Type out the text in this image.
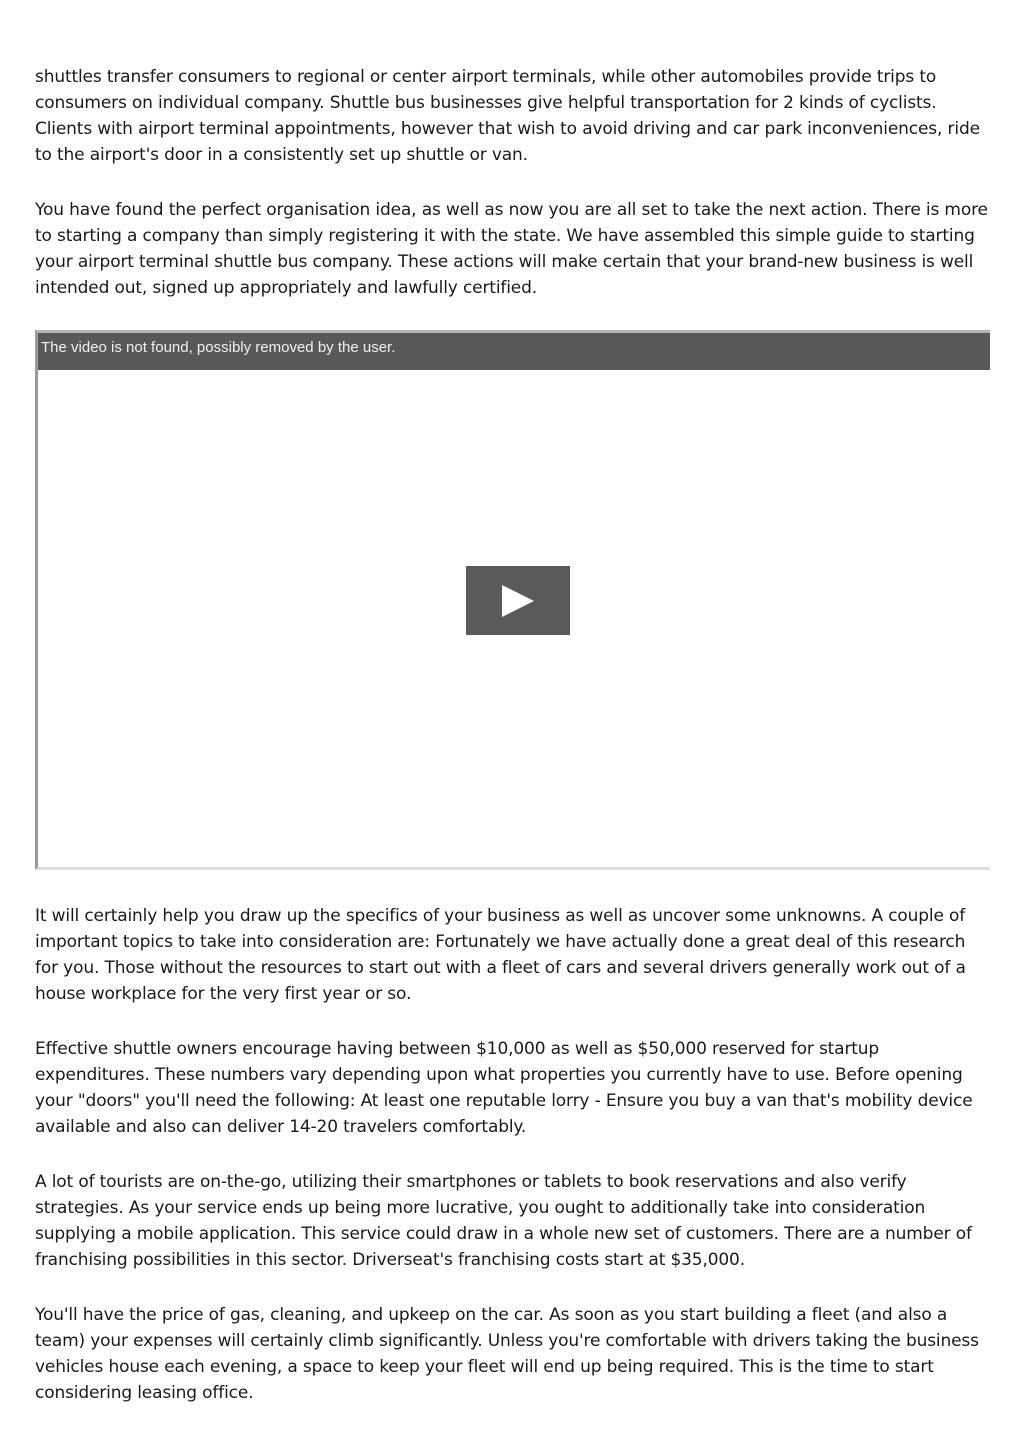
shuttles transfer consumers to regional or center airport terminals, while other automobiles provide trips to consumers on individual company. Shuttle bus businesses give helpful transportation for 2 kinds of cyclists. Clients with airport terminal appointments, however that wish to avoid driving and car park inconveniences, ride to the airport's door in a consistently set up shuttle or van.

You have found the perfect organisation idea, as well as now you are all set to take the next action. There is more to starting a company than simply registering it with the state. We have assembled this simple guide to starting your airport terminal shuttle bus company. These actions will make certain that your brand-new business is well intended out, signed up appropriately and lawfully certified.

The video is not found, possibly removed by the user.

It will certainly help you draw up the specifics of your business as well as uncover some unknowns. A couple of important topics to take into consideration are: Fortunately we have actually done a great deal of this research for you. Those without the resources to start out with a fleet of cars and several drivers generally work out of a house workplace for the very first year or so.

Effective shuttle owners encourage having between $10,000 as well as $50,000 reserved for startup expenditures. These numbers vary depending upon what properties you currently have to use. Before opening your "doors" you'll need the following: At least one reputable lorry - Ensure you buy a van that's mobility device available and also can deliver 14-20 travelers comfortably.

A lot of tourists are on-the-go, utilizing their smartphones or tablets to book reservations and also verify strategies. As your service ends up being more lucrative, you ought to additionally take into consideration supplying a mobile application. This service could draw in a whole new set of customers. There are a number of franchising possibilities in this sector. Driverseat's franchising costs start at $35,000.

You'll have the price of gas, cleaning, and upkeep on the car. As soon as you start building a fleet (and also a team) your expenses will certainly climb significantly. Unless you're comfortable with drivers taking the business vehicles house each evening, a space to keep your fleet will end up being required. This is the time to start considering leasing office.
